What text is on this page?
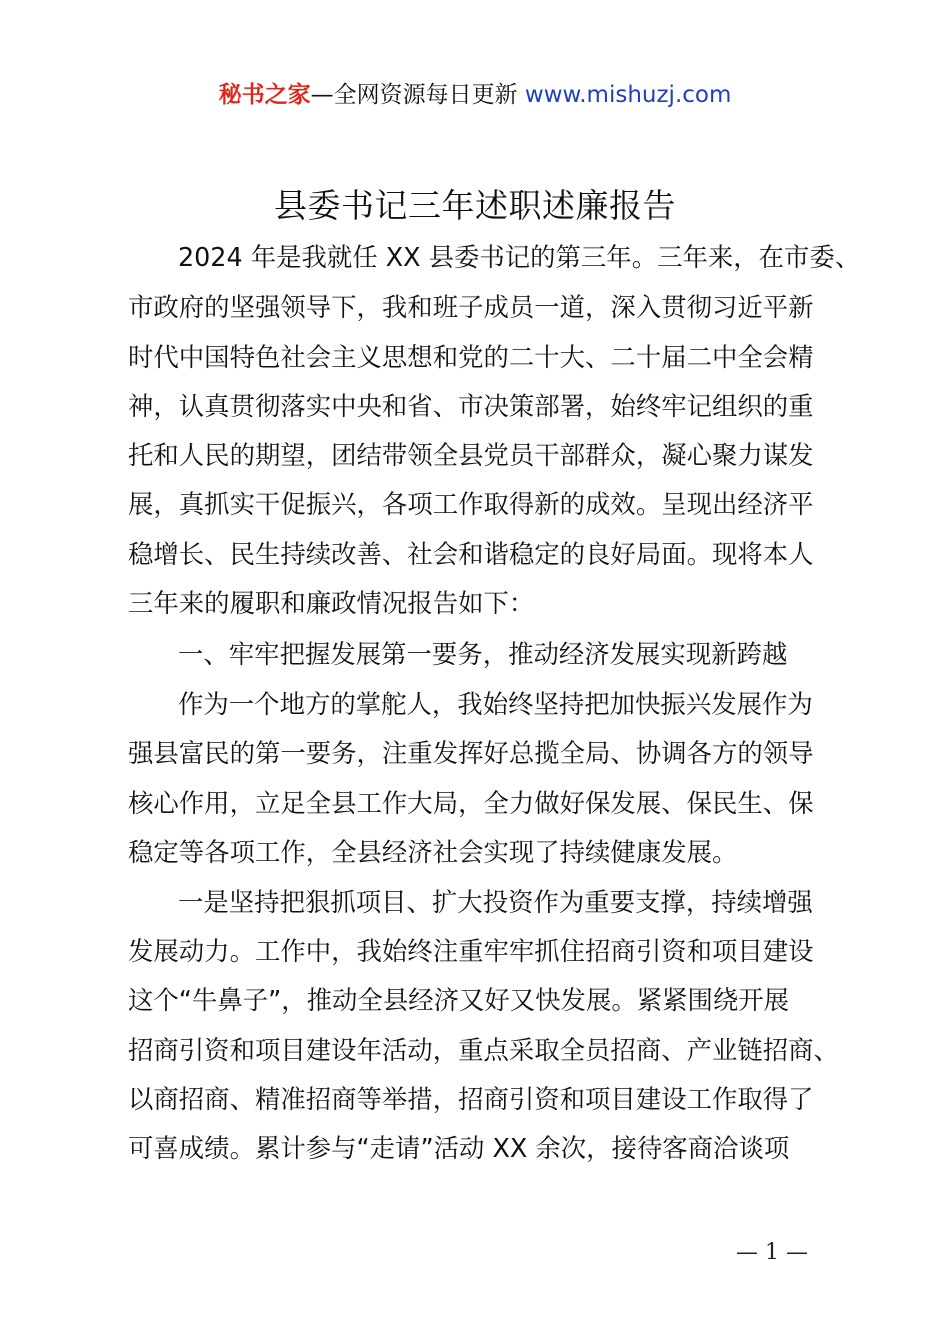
秘书之家—全网资源每日更新 www.mishuzj.com
县委书记三年述职述廉报告
2024 年是我就任 XX 县委书记的第三年。三年来，在市委、
市政府的坚强领导下，我和班子成员一道，深入贯彻习近平新
时代中国特色社会主义思想和党的二十大、二十届二中全会精
神，认真贯彻落实中央和省、市决策部署，始终牢记组织的重
托和人民的期望，团结带领全县党员干部群众，凝心聚力谋发
展，真抓实干促振兴，各项工作取得新的成效。呈现出经济平
稳增长、民生持续改善、社会和谐稳定的良好局面。现将本人
三年来的履职和廉政情况报告如下：
一、牢牢把握发展第一要务，推动经济发展实现新跨越
作为一个地方的掌舵人，我始终坚持把加快振兴发展作为
强县富民的第一要务，注重发挥好总揽全局、协调各方的领导
核心作用，立足全县工作大局，全力做好保发展、保民生、保
稳定等各项工作，全县经济社会实现了持续健康发展。
一是坚持把狠抓项目、扩大投资作为重要支撑，持续增强
发展动力。工作中，我始终注重牢牢抓住招商引资和项目建设
这个“牛鼻子”，推动全县经济又好又快发展。紧紧围绕开展
招商引资和项目建设年活动，重点采取全员招商、产业链招商、
以商招商、精准招商等举措，招商引资和项目建设工作取得了
可喜成绩。累计参与“走请”活动 XX 余次，接待客商洽谈项
— 1 —
